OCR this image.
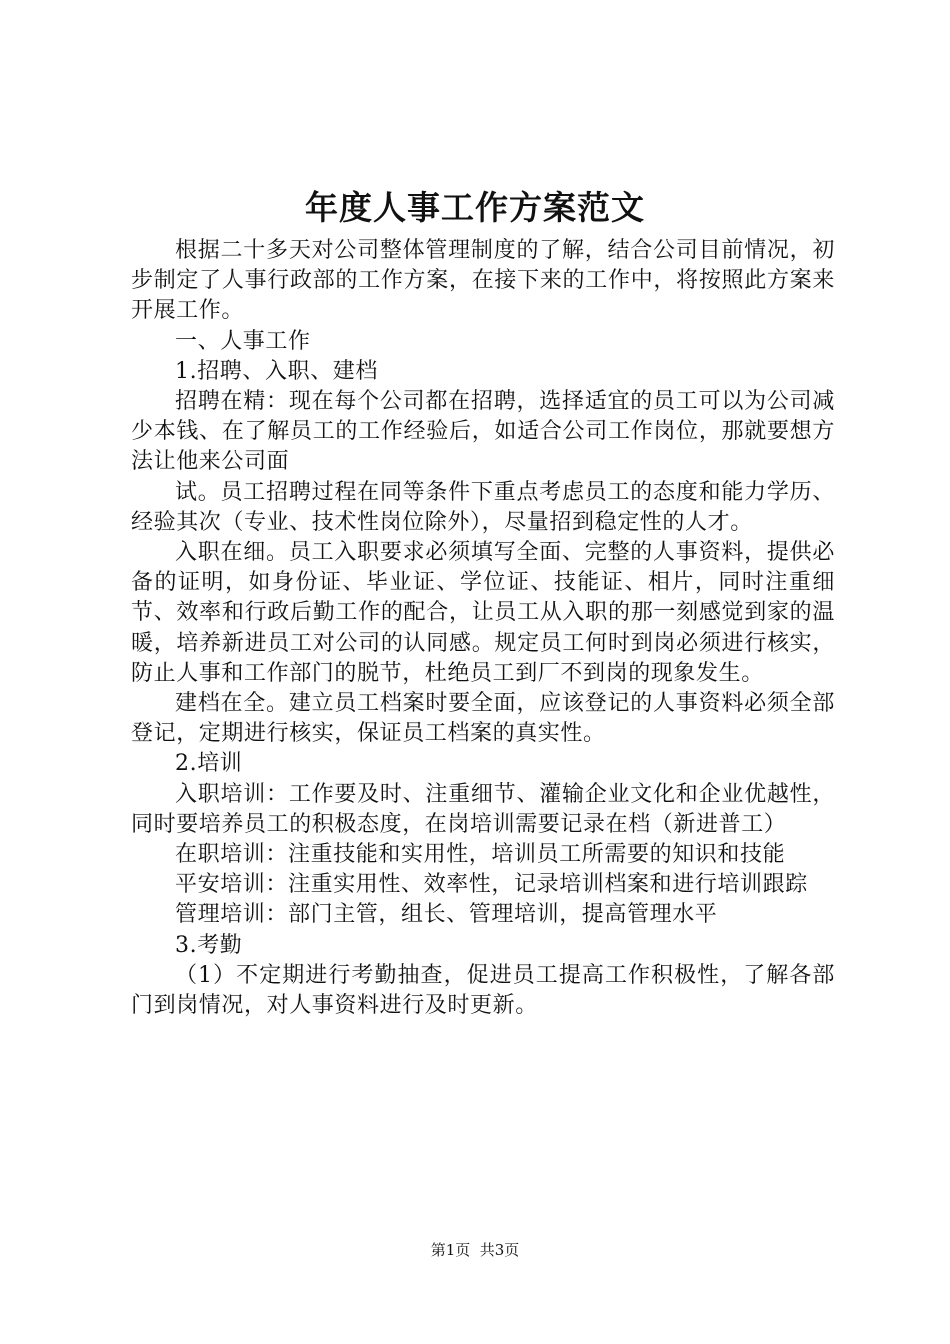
年度人事工作方案范文

根据二十多天对公司整体管理制度的了解，结合公司目前情况，初步制定了人事行政部的工作方案，在接下来的工作中，将按照此方案来开展工作。

一、人事工作

1.招聘、入职、建档

招聘在精：现在每个公司都在招聘，选择适宜的员工可以为公司减少本钱、在了解员工的工作经验后，如适合公司工作岗位，那就要想方法让他来公司面

试。员工招聘过程在同等条件下重点考虑员工的态度和能力学历、经验其次（专业、技术性岗位除外），尽量招到稳定性的人才。

入职在细。员工入职要求必须填写全面、完整的人事资料，提供必备的证明，如身份证、毕业证、学位证、技能证、相片，同时注重细节、效率和行政后勤工作的配合，让员工从入职的那一刻感觉到家的温暖，培养新进员工对公司的认同感。规定员工何时到岗必须进行核实，防止人事和工作部门的脱节，杜绝员工到厂不到岗的现象发生。

建档在全。建立员工档案时要全面，应该登记的人事资料必须全部登记，定期进行核实，保证员工档案的真实性。

2.培训

入职培训：工作要及时、注重细节、灌输企业文化和企业优越性，同时要培养员工的积极态度，在岗培训需要记录在档（新进普工）

在职培训：注重技能和实用性，培训员工所需要的知识和技能

平安培训：注重实用性、效率性，记录培训档案和进行培训跟踪

管理培训：部门主管，组长、管理培训，提高管理水平

3.考勤

（1）不定期进行考勤抽查，促进员工提高工作积极性，了解各部门到岗情况，对人事资料进行及时更新。

第1页  共3页
